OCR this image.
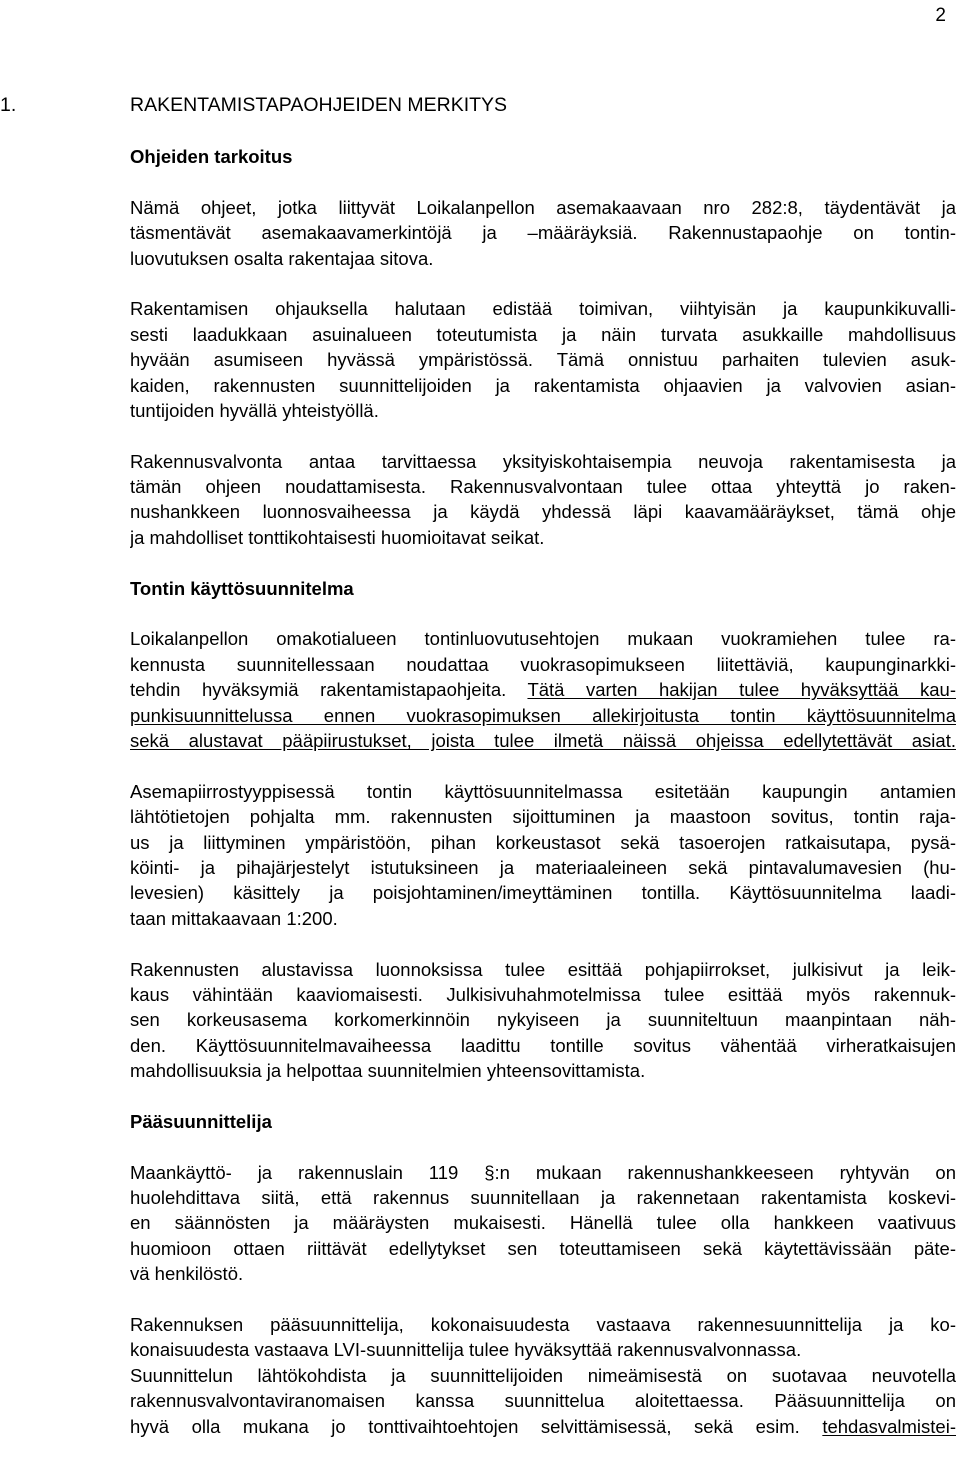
2
1.	RAKENTAMISTAPAOHJEIDEN MERKITYS
Ohjeiden tarkoitus
Nämä ohjeet, jotka liittyvät Loikalanpellon asemakaavaan nro 282:8, täydentävät ja
täsmentävät asemakaavamerkintöjä ja –määräyksiä. Rakennustapaohje on tontin-
luovutuksen osalta rakentajaa sitova.
Rakentamisen ohjauksella halutaan edistää toimivan, viihtyisän ja kaupunkikuvalli-
sesti laadukkaan asuinalueen toteutumista ja näin turvata asukkaille mahdollisuus
hyvään asumiseen hyvässä ympäristössä. Tämä onnistuu parhaiten tulevien asuk-
kaiden, rakennusten suunnittelijoiden ja rakentamista ohjaavien ja valvovien asian-
tuntijoiden hyvällä yhteistyöllä.
Rakennusvalvonta antaa tarvittaessa yksityiskohtaisempia neuvoja rakentamisesta ja
tämän ohjeen noudattamisesta. Rakennusvalvontaan tulee ottaa yhteyttä jo raken-
nushankkeen luonnosvaiheessa ja käydä yhdessä läpi kaavamääräykset, tämä ohje
ja mahdolliset tonttikohtaisesti huomioitavat seikat.
Tontin käyttösuunnitelma
Loikalanpellon omakotialueen tontinluovutusehtojen mukaan vuokramiehen tulee ra-
kennusta suunnitellessaan noudattaa vuokrasopimukseen liitettäviä, kaupunginarkki-
tehdin hyväksymiä rakentamistapaohjeita. Tätä varten hakijan tulee hyväksyttää kau-
punkisuunnittelussa ennen vuokrasopimuksen allekirjoitusta tontin käyttösuunnitelma
sekä alustavat pääpiirustukset, joista tulee ilmetä näissä ohjeissa edellytettävät asiat.
Asemapiirrostyyppisessä tontin käyttösuunnitelmassa esitetään kaupungin antamien
lähtötietojen pohjalta mm. rakennusten sijoittuminen ja maastoon sovitus, tontin raja-
us ja liittyminen ympäristöön, pihan korkeustasot sekä tasoerojen ratkaisutapa, pysä-
köinti- ja pihajärjestelyt istutuksineen ja materiaaleineen sekä pintavalumavesien (hu-
levesien) käsittely ja poisjohtaminen/imeyttäminen tontilla. Käyttösuunnitelma laadi-
taan mittakaavaan 1:200.
Rakennusten alustavissa luonnoksissa tulee esittää pohjapiirrokset, julkisivut ja leik-
kaus vähintään kaaviomaisesti. Julkisivuhahmotelmissa tulee esittää myös rakennuk-
sen korkeusasema korkomerkinnöin nykyiseen ja suunniteltuun maanpintaan näh-
den. Käyttösuunnitelmavaiheessa laadittu tontille sovitus vähentää virheratkaisujen
mahdollisuuksia ja helpottaa suunnitelmien yhteensovittamista.
Pääsuunnittelija
Maankäyttö- ja rakennuslain 119 §:n mukaan rakennushankkeeseen ryhtyvän on
huolehdittava siitä, että rakennus suunnitellaan ja rakennetaan rakentamista koskevi-
en säännösten ja määräysten mukaisesti. Hänellä tulee olla hankkeen vaativuus
huomioon ottaen riittävät edellytykset sen toteuttamiseen sekä käytettävissään päte-
vä henkilöstö.
Rakennuksen pääsuunnittelija, kokonaisuudesta vastaava rakennesuunnittelija ja ko-
konaisuudesta vastaava LVI-suunnittelija tulee hyväksyttää rakennusvalvonnassa.
Suunnittelun lähtökohdista ja suunnittelijoiden nimeämisestä on suotavaa neuvotella
rakennusvalvontaviranomaisen kanssa suunnittelua aloitettaessa. Pääsuunnittelija on
hyvä olla mukana jo tonttivaihtoehtojen selvittämisessä, sekä esim. tehdasvalmistei-
